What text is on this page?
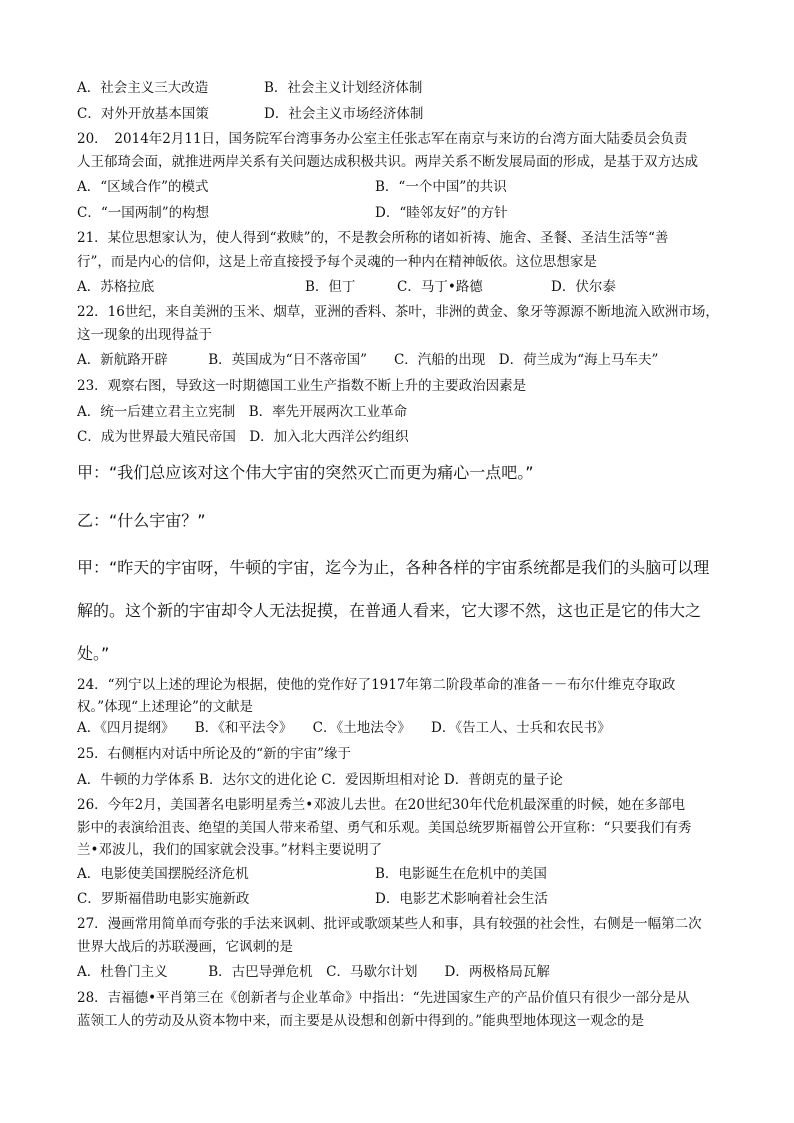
A．社会主义三大改造	B．社会主义计划经济体制
C．对外开放基本国策	D．社会主义市场经济体制
20．　2014年2月11日，国务院军台湾事务办公室主任张志军在南京与来访的台湾方面大陆委员会负责
人王郁琦会面，就推进两岸关系有关问题达成积极共识。两岸关系不断发展局面的形成，是基于双方达成
A．“区域合作”的模式	B．“一个中国”的共识
C．“一国两制”的构想	D．“睦邻友好”的方针
21．某位思想家认为，使人得到“救赎”的，不是教会所称的诸如祈祷、施舍、圣餐、圣洁生活等“善
行”，而是内心的信仰，这是上帝直接授予每个灵魂的一种内在精神皈依。这位思想家是
A．苏格拉底	B．但丁	C．马丁•路德	D．伏尔泰
22．16世纪，来自美洲的玉米、烟草，亚洲的香料、茶叶，非洲的黄金、象牙等源源不断地流入欧洲市场，
这一现象的出现得益于
A．新航路开辟　　　B．英国成为“日不落帝国”　　C．汽船的出现　D．荷兰成为“海上马车夫”
23．观察右图，导致这一时期德国工业生产指数不断上升的主要政治因素是
A．统一后建立君主立宪制　B．率先开展两次工业革命
C．成为世界最大殖民帝国　D．加入北大西洋公约组织
甲：“我们总应该对这个伟大宇宙的突然灭亡而更为痛心一点吧。”
乙：“什么宇宙？”
甲：“昨天的宇宙呀，牛顿的宇宙，迄今为止，各种各样的宇宙系统都是我们的头脑可以理
解的。这个新的宇宙却令人无法捉摸，在普通人看来，它大谬不然，这也正是它的伟大之
处。”
24．“列宁以上述的理论为根据，使他的党作好了1917年第二阶段革命的准备－－布尔什维克夺取政
权。”体现“上述理论”的文献是
A．《四月提纲》　　B．《和平法令》　　C．《土地法令》　　D．《告工人、士兵和农民书》
25．右侧框内对话中所论及的“新的宇宙”缘于
A．牛顿的力学体系 B．达尔文的进化论 C．爱因斯坦相对论 D．普朗克的量子论
26．今年2月，美国著名电影明星秀兰•邓波儿去世。在20世纪30年代危机最深重的时候，她在多部电
影中的表演给沮丧、绝望的美国人带来希望、勇气和乐观。美国总统罗斯福曾公开宣称：“只要我们有秀
兰•邓波儿，我们的国家就会没事。”材料主要说明了
A．电影使美国摆脱经济危机	B．电影诞生在危机中的美国
C．罗斯福借助电影实施新政	D．电影艺术影响着社会生活
27．漫画常用简单而夸张的手法来讽刺、批评或歌颂某些人和事，具有较强的社会性，右侧是一幅第二次
世界大战后的苏联漫画，它讽刺的是
A．杜鲁门主义　　　B．古巴导弹危机　C．马歇尔计划　　D．两极格局瓦解
28．吉福德•平肖第三在《创新者与企业革命》中指出：“先进国家生产的产品价值只有很少一部分是从
蓝领工人的劳动及从资本物中来，而主要是从设想和创新中得到的。”能典型地体现这一观念的是
